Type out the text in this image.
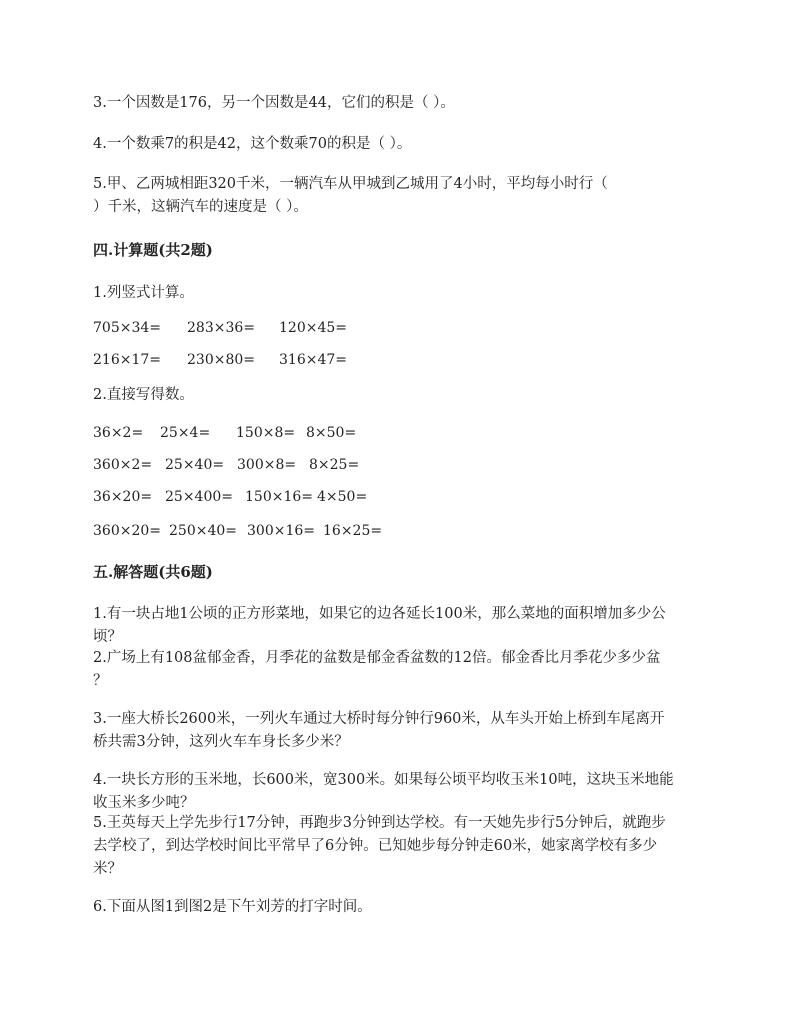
3.一个因数是176，另一个因数是44，它们的积是（ ）。
4.一个数乘7的积是42，这个数乘70的积是（ ）。
5.甲、乙两城相距320千米，一辆汽车从甲城到乙城用了4小时，平均每小时行（
）千米，这辆汽车的速度是（ ）。
四.计算题(共2题)
1.列竖式计算。
705×34= 283×36= 120×45=
216×17= 230×80= 316×47=
2.直接写得数。
36×2= 25×4= 150×8= 8×50=
360×2= 25×40= 300×8= 8×25=
36×20= 25×400= 150×16= 4×50=
360×20= 250×40= 300×16= 16×25=
五.解答题(共6题)
1.有一块占地1公顷的正方形菜地，如果它的边各延长100米，那么菜地的面积增加多少公
顷？
2.广场上有108盆郁金香，月季花的盆数是郁金香盆数的12倍。郁金香比月季花少多少盆
？
3.一座大桥长2600米，一列火车通过大桥时每分钟行960米，从车头开始上桥到车尾离开
桥共需3分钟，这列火车车身长多少米？
4.一块长方形的玉米地，长600米，宽300米。如果每公顷平均收玉米10吨，这块玉米地能
收玉米多少吨？
5.王英每天上学先步行17分钟，再跑步3分钟到达学校。有一天她先步行5分钟后，就跑步
去学校了，到达学校时间比平常早了6分钟。已知她步每分钟走60米，她家离学校有多少
米？
6.下面从图1到图2是下午刘芳的打字时间。
